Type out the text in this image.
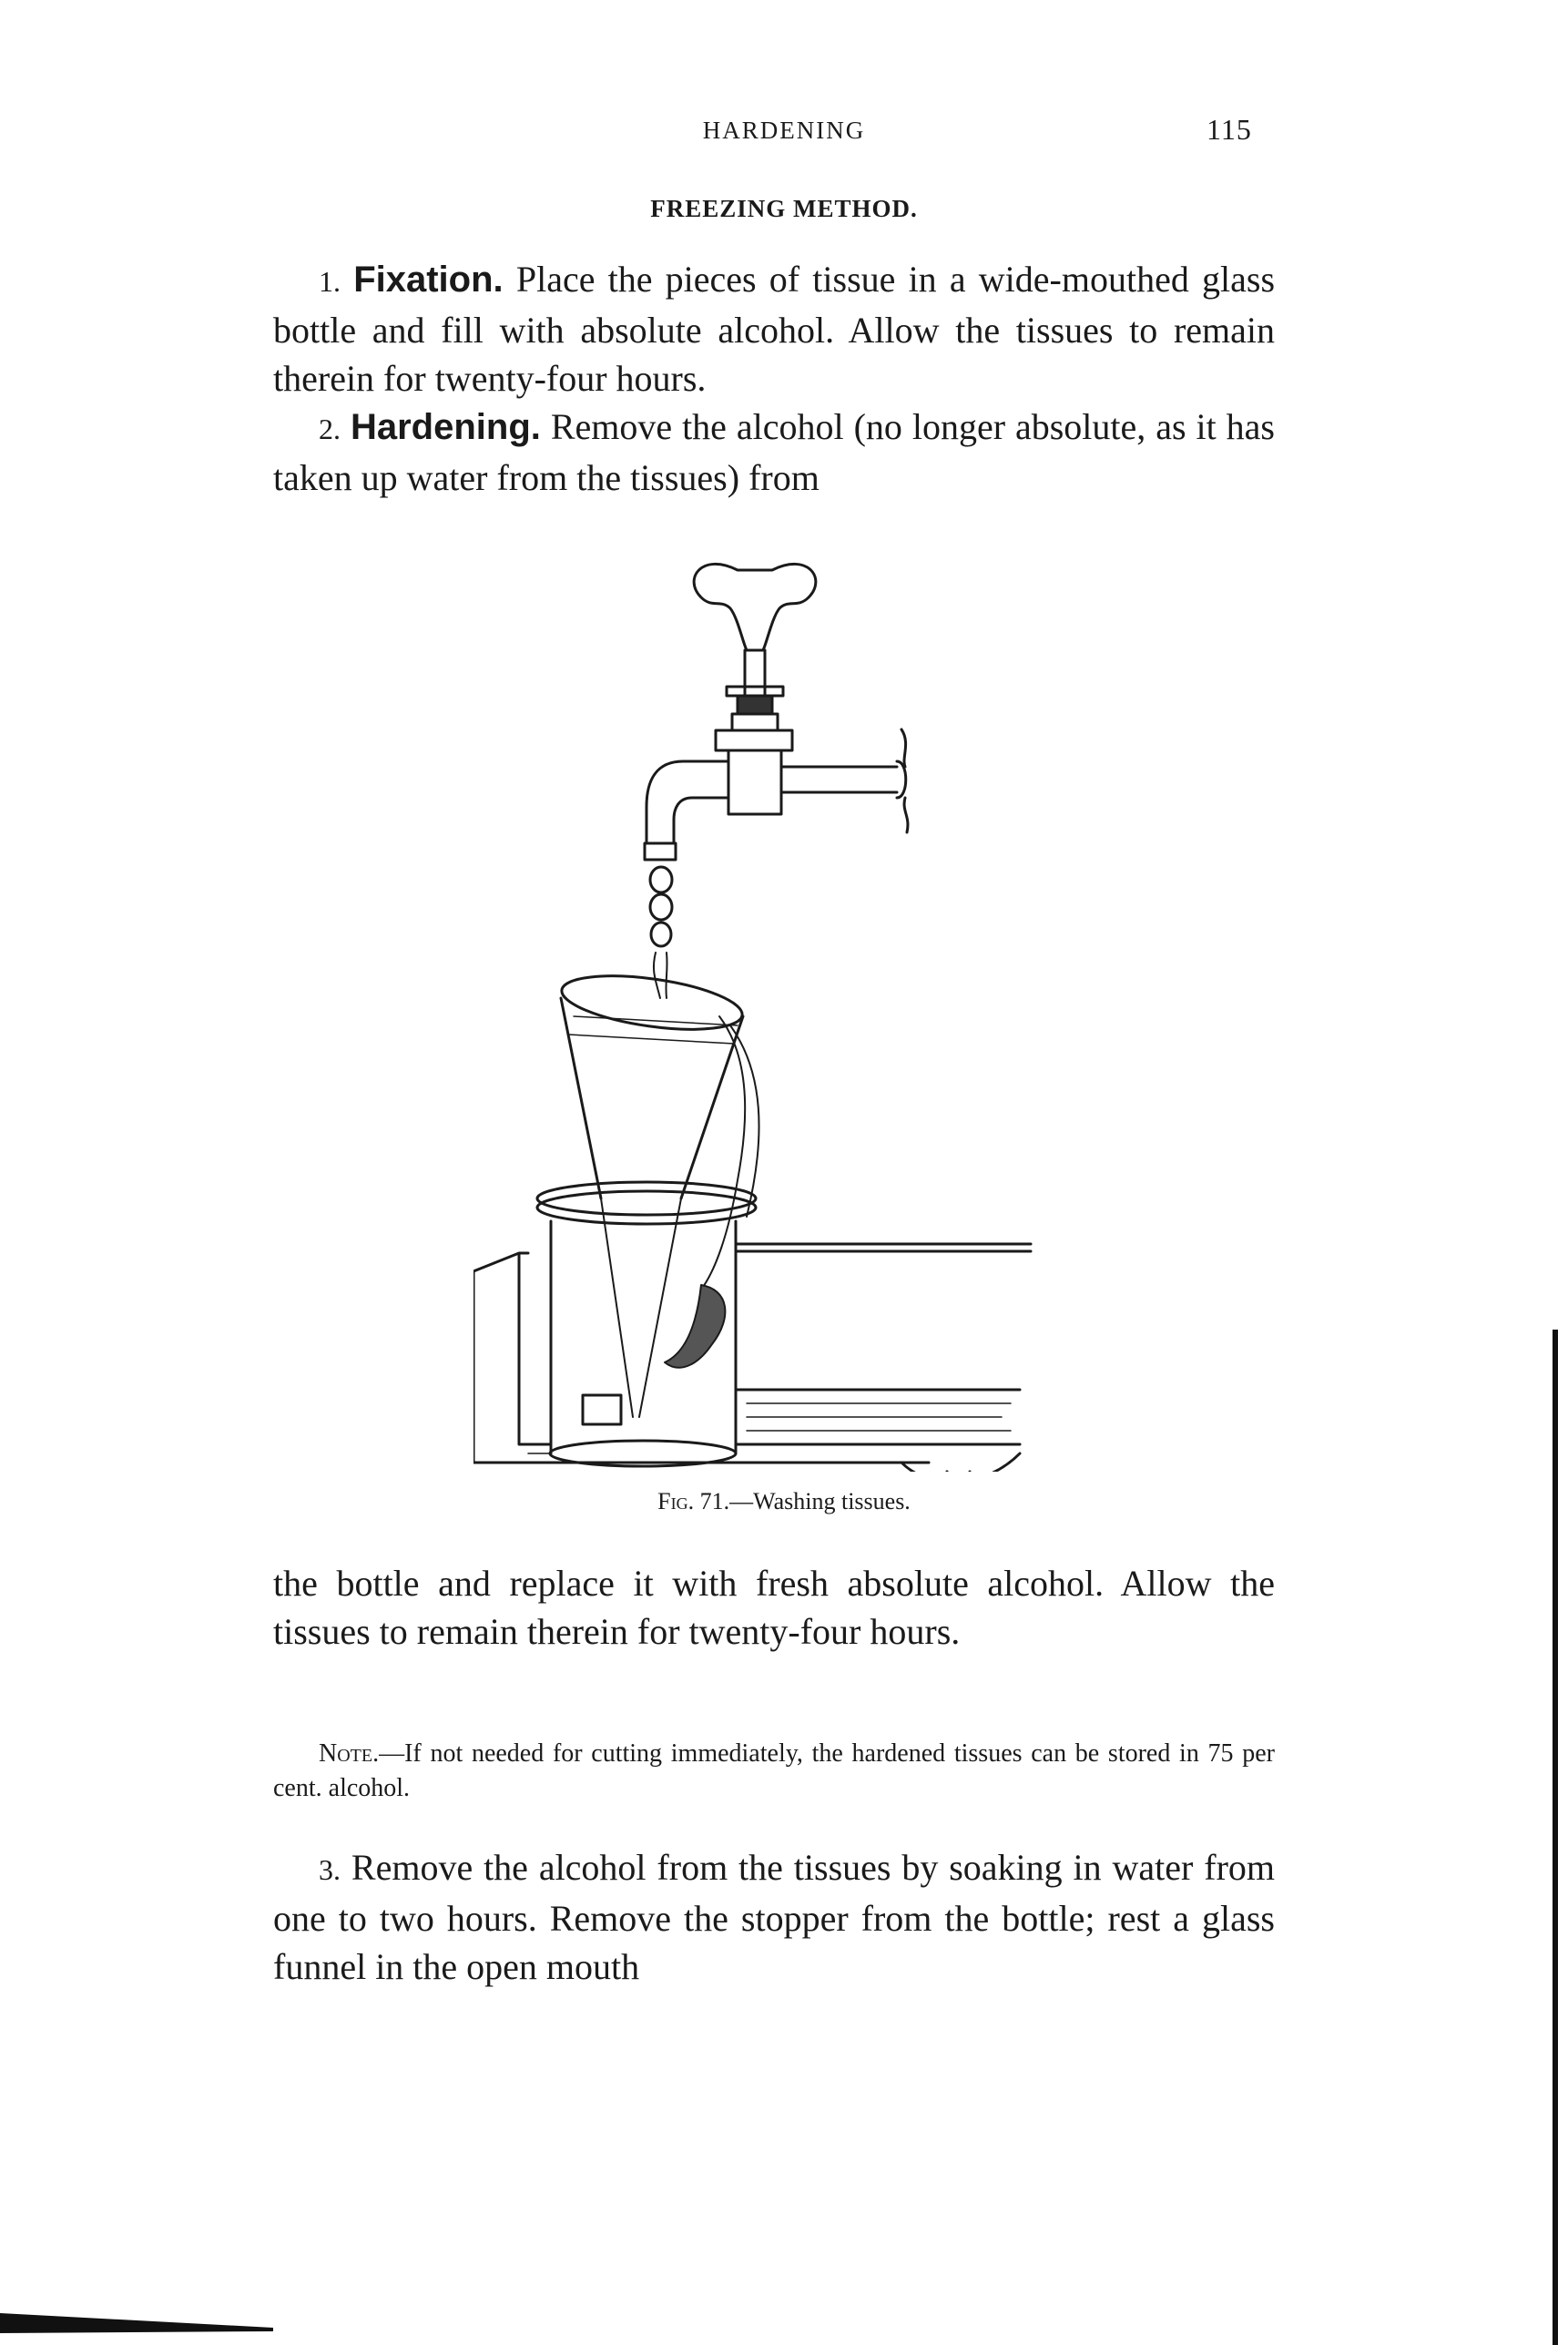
HARDENING	115
FREEZING METHOD.

1. Fixation. Place the pieces of tissue in a wide-mouthed glass bottle and fill with absolute alcohol. Allow the tissues to remain therein for twenty-four hours.

2. Hardening. Remove the alcohol (no longer absolute, as it has taken up water from the tissues) from

Fig. 71.—Washing tissues.

the bottle and replace it with fresh absolute alcohol. Allow the tissues to remain therein for twenty-four hours.

Note.—If not needed for cutting immediately, the hardened tissues can be stored in 75 per cent. alcohol.

3. Remove the alcohol from the tissues by soaking in water from one to two hours. Remove the stopper from the bottle; rest a glass funnel in the open mouth
